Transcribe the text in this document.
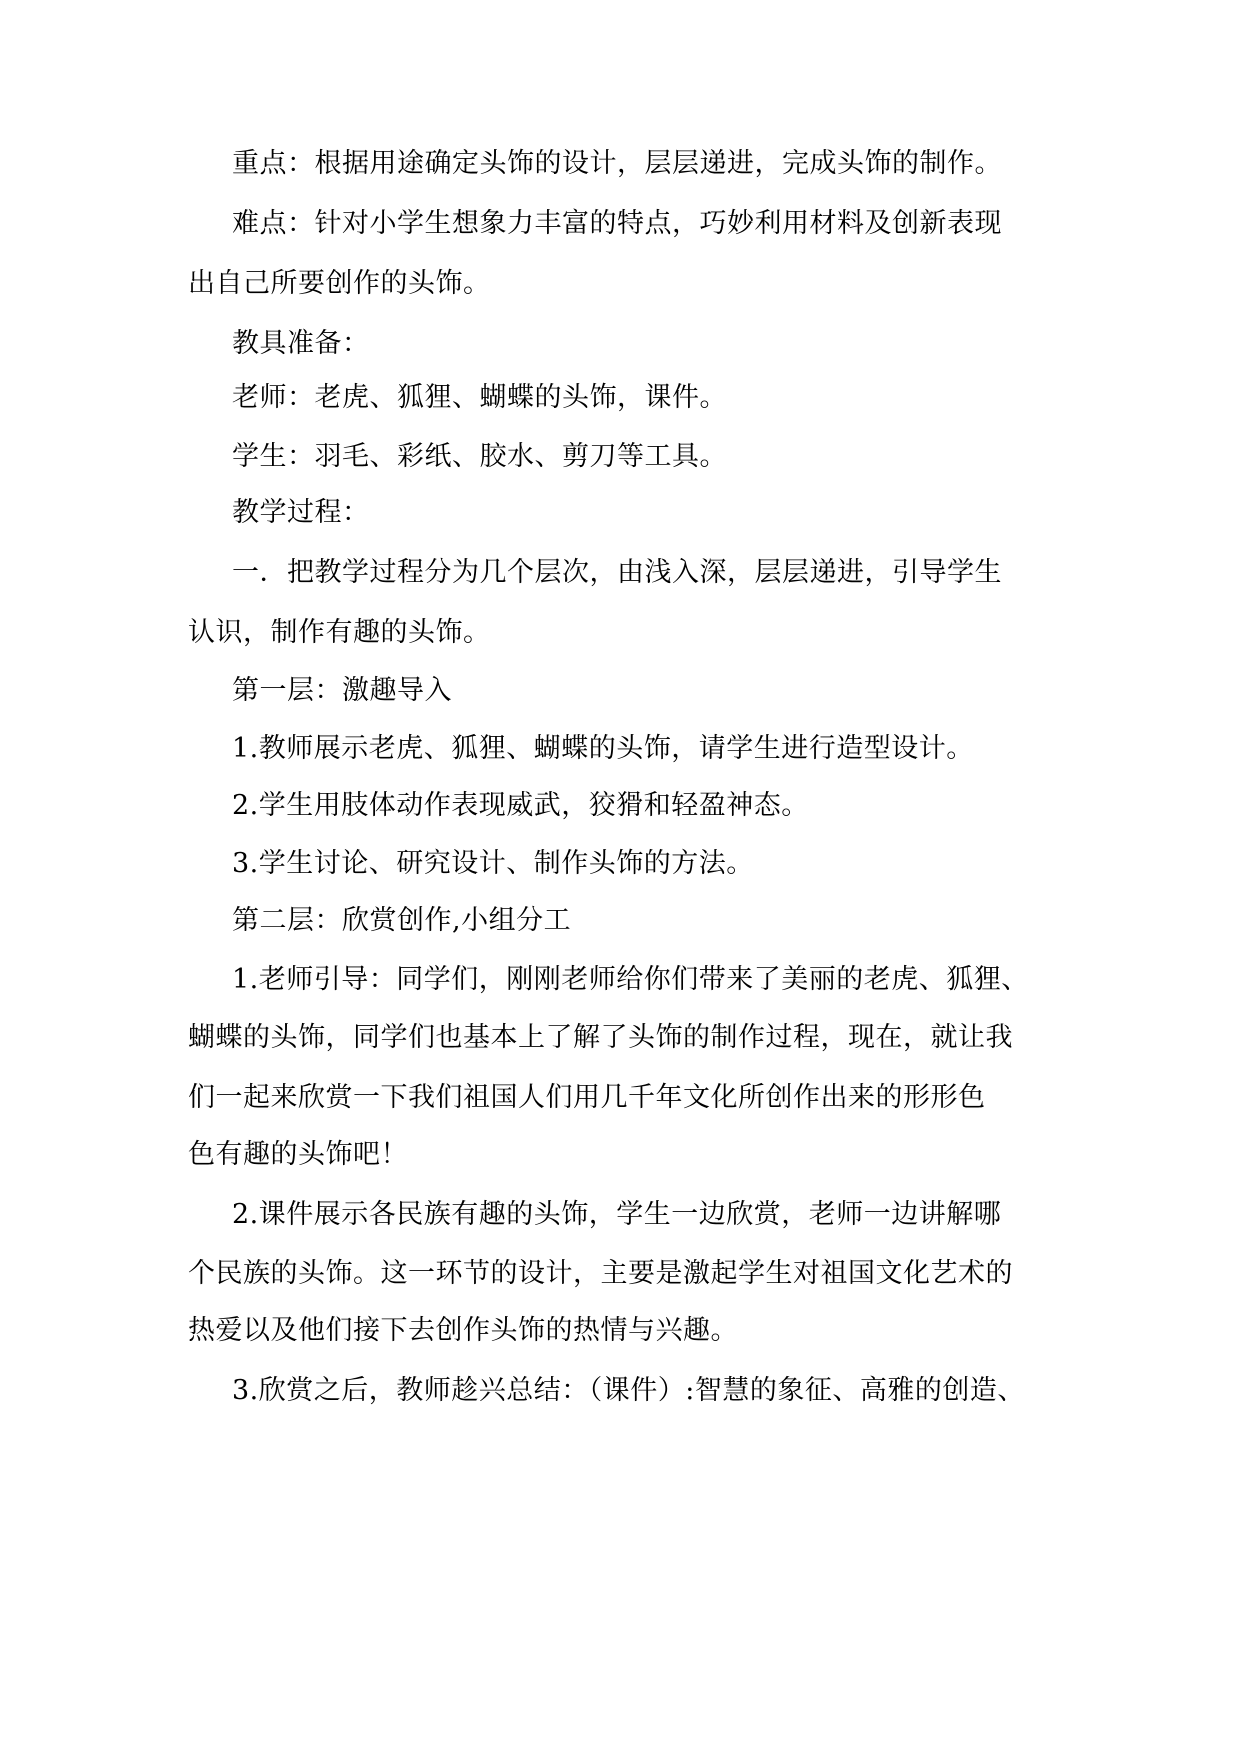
重点：根据用途确定头饰的设计，层层递进，完成头饰的制作。
难点：针对小学生想象力丰富的特点，巧妙利用材料及创新表现
出自己所要创作的头饰。
教具准备：
老师：老虎、狐狸、蝴蝶的头饰，课件。
学生：羽毛、彩纸、胶水、剪刀等工具。
教学过程：
一．把教学过程分为几个层次，由浅入深，层层递进，引导学生
认识，制作有趣的头饰。
第一层：激趣导入
1.教师展示老虎、狐狸、蝴蝶的头饰，请学生进行造型设计。
2.学生用肢体动作表现威武，狡猾和轻盈神态。
3.学生讨论、研究设计、制作头饰的方法。
第二层：欣赏创作,小组分工
1.老师引导：同学们，刚刚老师给你们带来了美丽的老虎、狐狸、
蝴蝶的头饰，同学们也基本上了解了头饰的制作过程，现在，就让我
们一起来欣赏一下我们祖国人们用几千年文化所创作出来的形形色
色有趣的头饰吧！
2.课件展示各民族有趣的头饰，学生一边欣赏，老师一边讲解哪
个民族的头饰。这一环节的设计，主要是激起学生对祖国文化艺术的
热爱以及他们接下去创作头饰的热情与兴趣。
3.欣赏之后，教师趁兴总结：（课件）:智慧的象征、高雅的创造、
